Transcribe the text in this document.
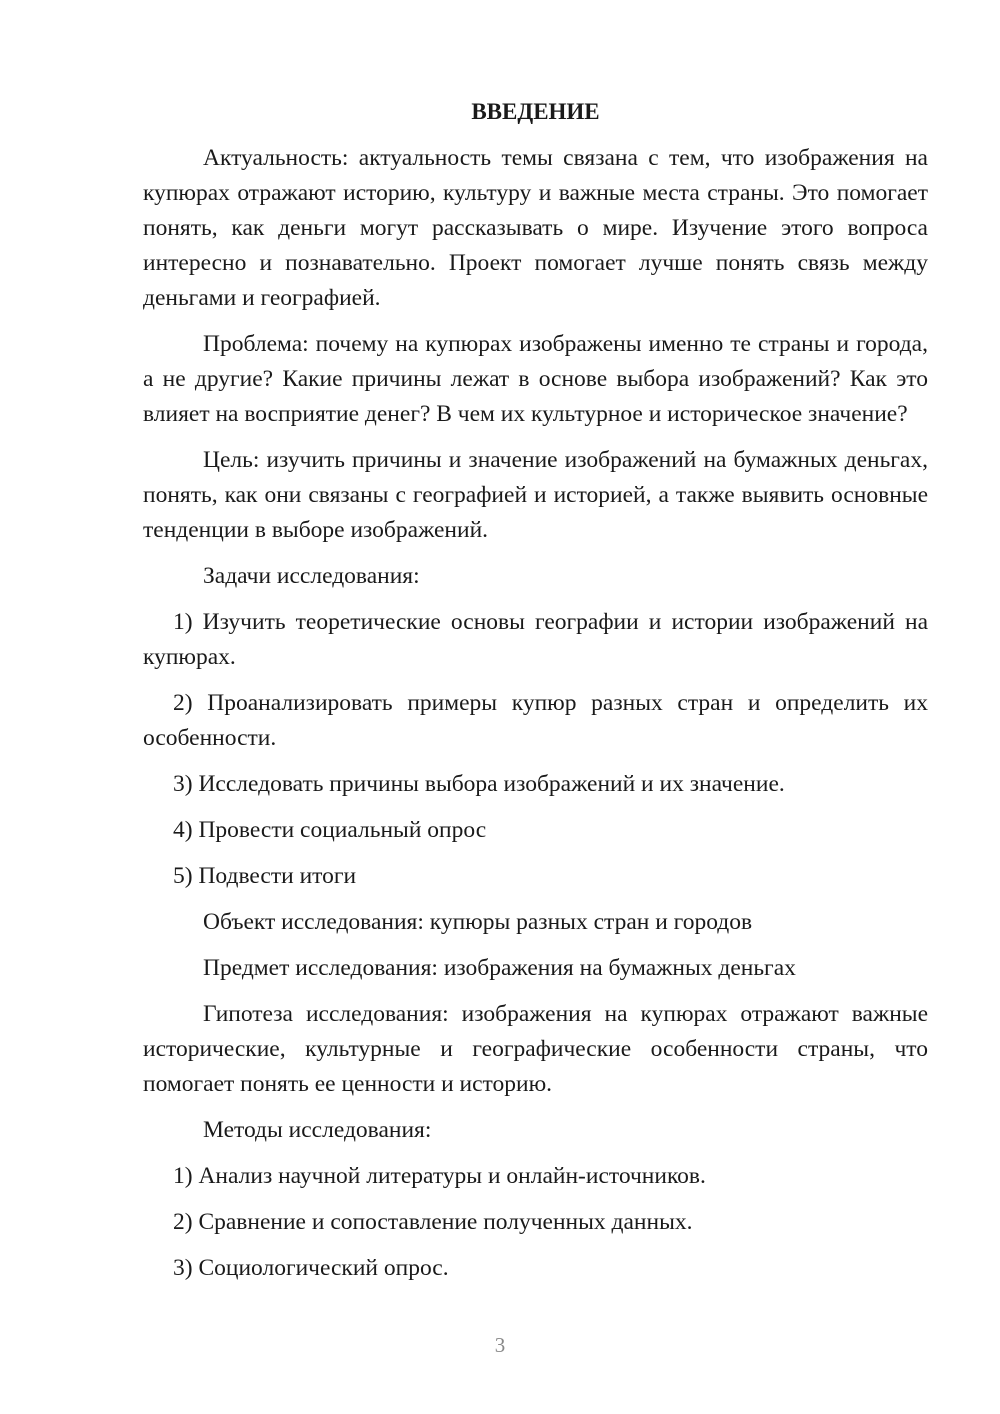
ВВЕДЕНИЕ

Актуальность: актуальность темы связана с тем, что изображения на купюрах отражают историю, культуру и важные места страны. Это помогает понять, как деньги могут рассказывать о мире. Изучение этого вопроса интересно и познавательно. Проект помогает лучше понять связь между деньгами и географией.

Проблема: почему на купюрах изображены именно те страны и города, а не другие? Какие причины лежат в основе выбора изображений? Как это влияет на восприятие денег? В чем их культурное и историческое значение?

Цель: изучить причины и значение изображений на бумажных деньгах, понять, как они связаны с географией и историей, а также выявить основные тенденции в выборе изображений.

Задачи исследования:

1) Изучить теоретические основы географии и истории изображений на купюрах.

2) Проанализировать примеры купюр разных стран и определить их особенности.

3) Исследовать причины выбора изображений и их значение.

4) Провести социальный опрос

5) Подвести итоги

Объект исследования: купюры разных стран и городов

Предмет исследования: изображения на бумажных деньгах

Гипотеза исследования: изображения на купюрах отражают важные исторические, культурные и географические особенности страны, что помогает понять ее ценности и историю.

Методы исследования:

1) Анализ научной литературы и онлайн-источников.

2) Сравнение и сопоставление полученных данных.

3) Социологический опрос.

3
